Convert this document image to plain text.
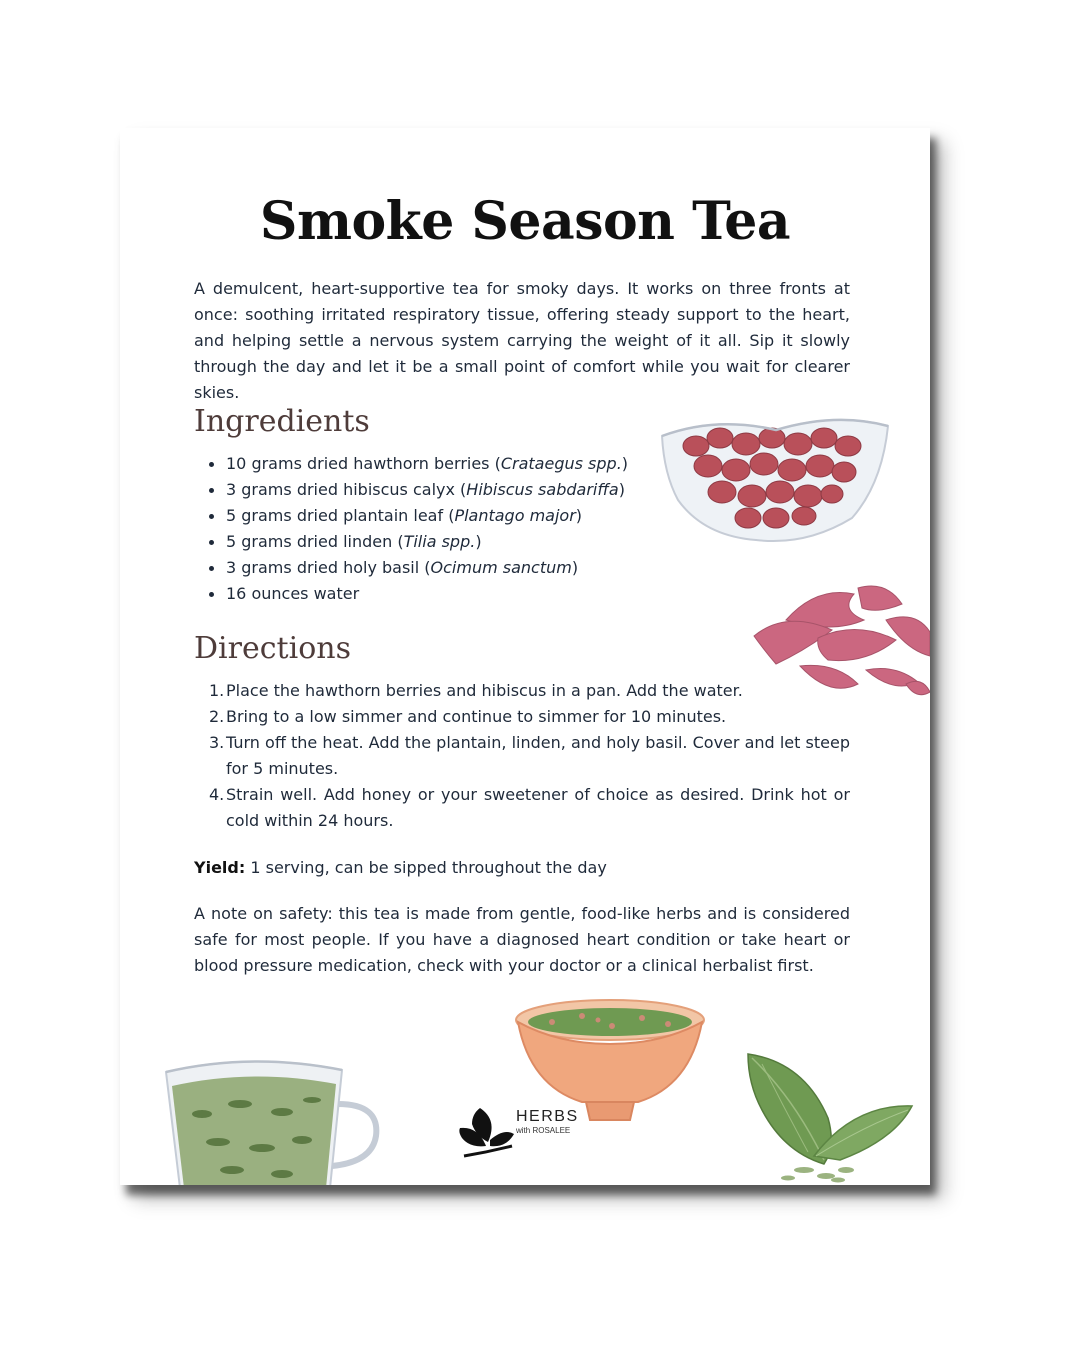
Smoke Season Tea

A demulcent, heart-supportive tea for smoky days. It works on three fronts at once: soothing irritated respiratory tissue, offering steady support to the heart, and helping settle a nervous system carrying the weight of it all. Sip it slowly through the day and let it be a small point of comfort while you wait for clearer skies.

Ingredients
10 grams dried hawthorn berries (Crataegus spp.)
3 grams dried hibiscus calyx (Hibiscus sabdariffa)
5 grams dried plantain leaf (Plantago major)
5 grams dried linden (Tilia spp.)
3 grams dried holy basil (Ocimum sanctum)
16 ounces water
Directions
1. Place the hawthorn berries and hibiscus in a pan. Add the water.
2. Bring to a low simmer and continue to simmer for 10 minutes.
3. Turn off the heat. Add the plantain, linden, and holy basil. Cover and let steep for 5 minutes.
4. Strain well. Add honey or your sweetener of choice as desired. Drink hot or cold within 24 hours.

Yield: 1 serving, can be sipped throughout the day

A note on safety: this tea is made from gentle, food-like herbs and is considered safe for most people. If you have a diagnosed heart condition or take heart or blood pressure medication, check with your doctor or a clinical herbalist first.

HERBS
with ROSALEE
